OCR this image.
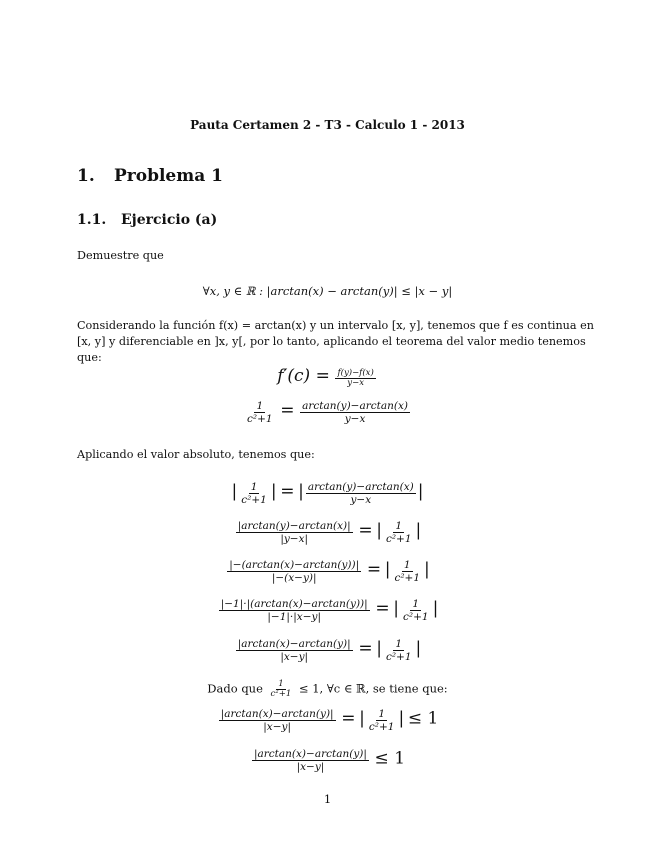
Pauta Certamen 2 - T3 - Calculo 1 - 2013
1. Problema 1
1.1. Ejercicio (a)
Demuestre que
∀x, y ∈ ℝ : |arctan(x) − arctan(y)| ≤ |x − y|
Considerando la función f(x) = arctan(x) y un intervalo [x, y], tenemos que f es continua en [x, y] y diferenciable en ]x, y[, por lo tanto, aplicando el teorema del valor medio tenemos que:
$f'(c) = \frac{f(y)-f(x)}{y-x}$
$\frac{1}{\text{c²+1}} = \frac{\arctan(y)-\arctan(x)}{y-x}$
Aplicando el valor absoluto, tenemos que:
| $\frac{1}{\text{c²+1}}$ | = | $\frac{\arctan(y)-\arctan(x)}{y-x}$ |
$\frac{|\arctan(y)-\arctan(x)|}{|y-x|}$ = | $\frac{1}{\text{c²+1}}$ |
$\frac{|-(\arctan(x)-\arctan(y))|}{|-(x-y)|}$ = | $\frac{1}{\text{c²+1}}$ |
$\frac{|-1|\cdot|(\arctan(x)-\arctan(y))|}{|-1|\cdot|x-y|}$ = | $\frac{1}{\text{c²+1}}$ |
$\frac{|\arctan(x)-\arctan(y)|}{|x-y|}$ = | $\frac{1}{\text{c²+1}}$ |
Dado que $\frac{1}{\text{c²+1}} \le 1$, ∀c ∈ ℝ, se tiene que:
$\frac{|\arctan(x)-\arctan(y)|}{|x-y|}$ = | $\frac{1}{\text{c²+1}}$ | ≤ 1
$\frac{|\arctan(x)-\arctan(y)|}{|x-y|} \le 1$
1
